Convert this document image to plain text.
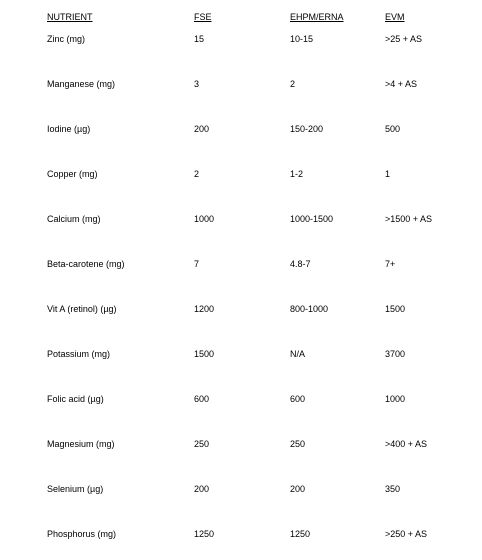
NUTRIENT	FSE	EHPM/ERNA	EVM
Zinc (mg)	15	10-15	>25 + AS
Manganese (mg)	3	2	>4 + AS
Iodine (µg)	200	150-200	500
Copper (mg)	2	1-2	1
Calcium (mg)	1000	1000-1500	>1500 + AS
Beta-carotene (mg)	7	4.8-7	7+
Vit A (retinol) (µg)	1200	800-1000	1500
Potassium (mg)	1500	N/A	3700
Folic acid (µg)	600	600	1000
Magnesium (mg)	250	250	>400 + AS
Selenium (µg)	200	200	350
Phosphorus (mg)	1250	1250	>250 + AS
